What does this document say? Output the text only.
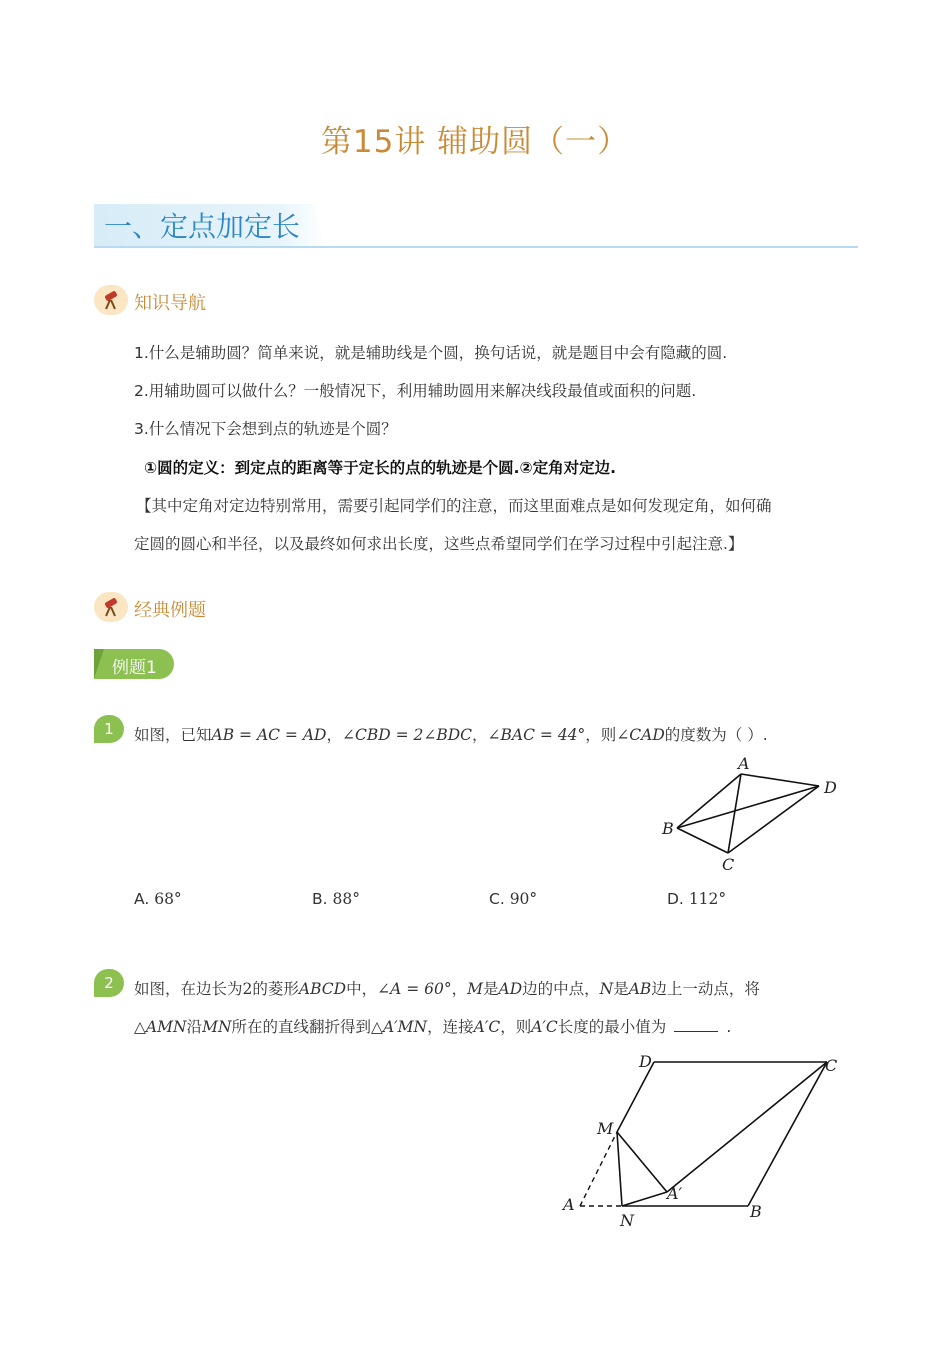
第15讲 辅助圆（一）
一、定点加定长
知识导航
1.什么是辅助圆？简单来说，就是辅助线是个圆，换句话说，就是题目中会有隐藏的圆.
2.用辅助圆可以做什么？一般情况下，利用辅助圆用来解决线段最值或面积的问题.
3.什么情况下会想到点的轨迹是个圆？
①圆的定义：到定点的距离等于定长的点的轨迹是个圆.②定角对定边.
【其中定角对定边特别常用，需要引起同学们的注意，而这里面难点是如何发现定角，如何确
定圆的圆心和半径，以及最终如何求出长度，这些点希望同学们在学习过程中引起注意.】
经典例题
例题1
1	如图，已知AB = AC = AD，∠CBD = 2∠BDC，∠BAC = 44°，则∠CAD的度数为（ ）.
A
B
C
D
A. 68°	B. 88°	C. 90°	D. 112°
2	如图，在边长为2的菱形ABCD中，∠A = 60°，M是AD边的中点，N是AB边上一动点，将
△AMN沿MN所在的直线翻折得到△A′MN，连接A′C，则A′C长度的最小值为	.
D	C
M
A
A′
N	B
